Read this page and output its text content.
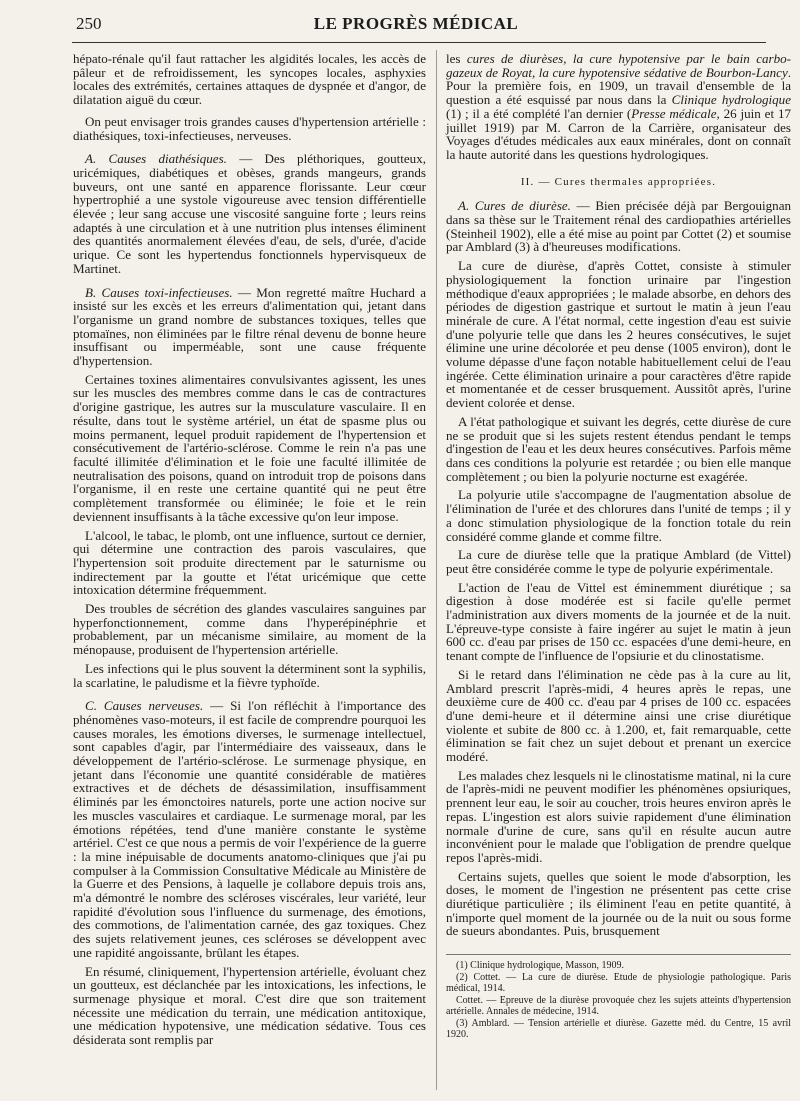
250	LE PROGRÈS MÉDICAL

hépato-rénale qu'il faut rattacher les algidités locales, les accès de pâleur et de refroidissement, les syncopes locales, asphyxies locales des extrémités, certaines attaques de dyspnée et d'angor, de dilatation aiguë du cœur.

On peut envisager trois grandes causes d'hypertension artérielle : diathésiques, toxi-infectieuses, nerveuses.

A. Causes diathésiques. — Des pléthoriques, goutteux, uricémiques, diabétiques et obèses, grands mangeurs, grands buveurs, ont une santé en apparence florissante. Leur cœur hypertrophié a une systole vigoureuse avec tension différentielle élevée ; leur sang accuse une viscosité sanguine forte ; leurs reins adaptés à une circulation et à une nutrition plus intenses éliminent des quantités anormalement élevées d'eau, de sels, d'urée, d'acide urique. Ce sont les hypertendus fonctionnels hypervisqueux de Martinet.

B. Causes toxi-infectieuses. — Mon regretté maître Huchard a insisté sur les excès et les erreurs d'alimentation qui, jetant dans l'organisme un grand nombre de substances toxiques, telles que ptomaïnes, non éliminées par le filtre rénal devenu de bonne heure insuffisant ou imperméable, sont une cause fréquente d'hypertension.

Certaines toxines alimentaires convulsivantes agissent, les unes sur les muscles des membres comme dans le cas de contractures d'origine gastrique, les autres sur la musculature vasculaire. Il en résulte, dans tout le système artériel, un état de spasme plus ou moins permanent, lequel produit rapidement de l'hypertension et consécutivement de l'artério-sclérose. Comme le rein n'a pas une faculté illimitée d'élimination et le foie une faculté illimitée de neutralisation des poisons, quand on introduit trop de poisons dans l'organisme, il en reste une certaine quantité qui ne peut être complètement transformée ou éliminée; le foie et le rein deviennent insuffisants à la tâche excessive qu'on leur impose.

L'alcool, le tabac, le plomb, ont une influence, surtout ce dernier, qui détermine une contraction des parois vasculaires, que l'hypertension soit produite directement par le saturnisme ou indirectement par la goutte et l'état uricémique que cette intoxication détermine fréquemment.

Des troubles de sécrétion des glandes vasculaires sanguines par hyperfonctionnement, comme dans l'hyperépinéphrie et probablement, par un mécanisme similaire, au moment de la ménopause, produisent de l'hypertension artérielle.

Les infections qui le plus souvent la déterminent sont la syphilis, la scarlatine, le paludisme et la fièvre typhoïde.

C. Causes nerveuses. — Si l'on réfléchit à l'importance des phénomènes vaso-moteurs, il est facile de comprendre pourquoi les causes morales, les émotions diverses, le surmenage intellectuel, sont capables d'agir, par l'intermédiaire des vaisseaux, dans le développement de l'artério-sclérose. Le surmenage physique, en jetant dans l'économie une quantité considérable de matières extractives et de déchets de désassimilation, insuffisamment éliminés par les émonctoires naturels, porte une action nocive sur les muscles vasculaires et cardiaque. Le surmenage moral, par les émotions répétées, tend d'une manière constante le système artériel. C'est ce que nous a permis de voir l'expérience de la guerre : la mine inépuisable de documents anatomo-cliniques que j'ai pu compulser à la Commission Consultative Médicale au Ministère de la Guerre et des Pensions, à laquelle je collabore depuis trois ans, m'a démontré le nombre des scléroses viscérales, leur variété, leur rapidité d'évolution sous l'influence du surmenage, des émotions, des commotions, de l'alimentation carnée, des gaz toxiques. Chez des sujets relativement jeunes, ces scléroses se développent avec une rapidité angoissante, brûlant les étapes.

En résumé, cliniquement, l'hypertension artérielle, évoluant chez un goutteux, est déclanchée par les intoxications, les infections, le surmenage physique et moral. C'est dire que son traitement nécessite une médication du terrain, une médication antitoxique, une médication hypotensive, une médication sédative. Tous ces désiderata sont remplis par

les cures de diurèses, la cure hypotensive par le bain carbo-gazeux de Royat, la cure hypotensive sédative de Bourbon-Lancy. Pour la première fois, en 1909, un travail d'ensemble de la question a été esquissé par nous dans la Clinique hydrologique (1) ; il a été complété l'an dernier (Presse médicale, 26 juin et 17 juillet 1919) par M. Carron de la Carrière, organisateur des Voyages d'études médicales aux eaux minérales, dont on connaît la haute autorité dans les questions hydrologiques.

II. — Cures thermales appropriées.

A. Cures de diurèse. — Bien précisée déjà par Bergouignan dans sa thèse sur le Traitement rénal des cardiopathies artérielles (Steinheil 1902), elle a été mise au point par Cottet (2) et soumise par Amblard (3) à d'heureuses modifications.

La cure de diurèse, d'après Cottet, consiste à stimuler physiologiquement la fonction urinaire par l'ingestion méthodique d'eaux appropriées ; le malade absorbe, en dehors des périodes de digestion gastrique et surtout le matin à jeun l'eau minérale de cure. A l'état normal, cette ingestion d'eau est suivie d'une polyurie telle que dans les 2 heures consécutives, le sujet élimine une urine décolorée et peu dense (1005 environ), dont le volume dépasse d'une façon notable habituellement celui de l'eau ingérée. Cette élimination urinaire a pour caractères d'être rapide et momentanée et de cesser brusquement. Aussitôt après, l'urine devient colorée et dense.

A l'état pathologique et suivant les degrés, cette diurèse de cure ne se produit que si les sujets restent étendus pendant le temps d'ingestion de l'eau et les deux heures consécutives. Parfois même dans ces conditions la polyurie est retardée ; ou bien elle manque complètement ; ou bien la polyurie nocturne est exagérée.

La polyurie utile s'accompagne de l'augmentation absolue de l'élimination de l'urée et des chlorures dans l'unité de temps ; il y a donc stimulation physiologique de la fonction totale du rein considéré comme glande et comme filtre.

La cure de diurèse telle que la pratique Amblard (de Vittel) peut être considérée comme le type de polyurie expérimentale.

L'action de l'eau de Vittel est éminemment diurétique ; sa digestion à dose modérée est si facile qu'elle permet l'administration aux divers moments de la journée et de la nuit. L'épreuve-type consiste à faire ingérer au sujet le matin à jeun 600 cc. d'eau par prises de 150 cc. espacées d'une demi-heure, en tenant compte de l'influence de l'opsiurie et du clinostatisme.

Si le retard dans l'élimination ne cède pas à la cure au lit, Amblard prescrit l'après-midi, 4 heures après le repas, une deuxième cure de 400 cc. d'eau par 4 prises de 100 cc. espacées d'une demi-heure et il détermine ainsi une crise diurétique violente et subite de 800 cc. à 1.200, et, fait remarquable, cette élimination se fait chez un sujet debout et prenant un exercice modéré.

Les malades chez lesquels ni le clinostatisme matinal, ni la cure de l'après-midi ne peuvent modifier les phénomènes opsiuriques, prennent leur eau, le soir au coucher, trois heures environ après le repas. L'ingestion est alors suivie rapidement d'une élimination normale d'urine de cure, sans qu'il en résulte aucun autre inconvénient pour le malade que l'obligation de prendre quelque repos l'après-midi.

Certains sujets, quelles que soient le mode d'absorption, les doses, le moment de l'ingestion ne présentent pas cette crise diurétique particulière ; ils éliminent l'eau en petite quantité, à n'importe quel moment de la journée ou de la nuit ou sous forme de sueurs abondantes. Puis, brusquement

(1) Clinique hydrologique, Masson, 1909.

(2) Cottet. — La cure de diurèse. Etude de physiologie pathologique. Paris médical, 1914.

Cottet. — Epreuve de la diurèse provoquée chez les sujets atteints d'hypertension artérielle. Annales de médecine, 1914.

(3) Amblard. — Tension artérielle et diurèse. Gazette méd. du Centre, 15 avril 1920.
